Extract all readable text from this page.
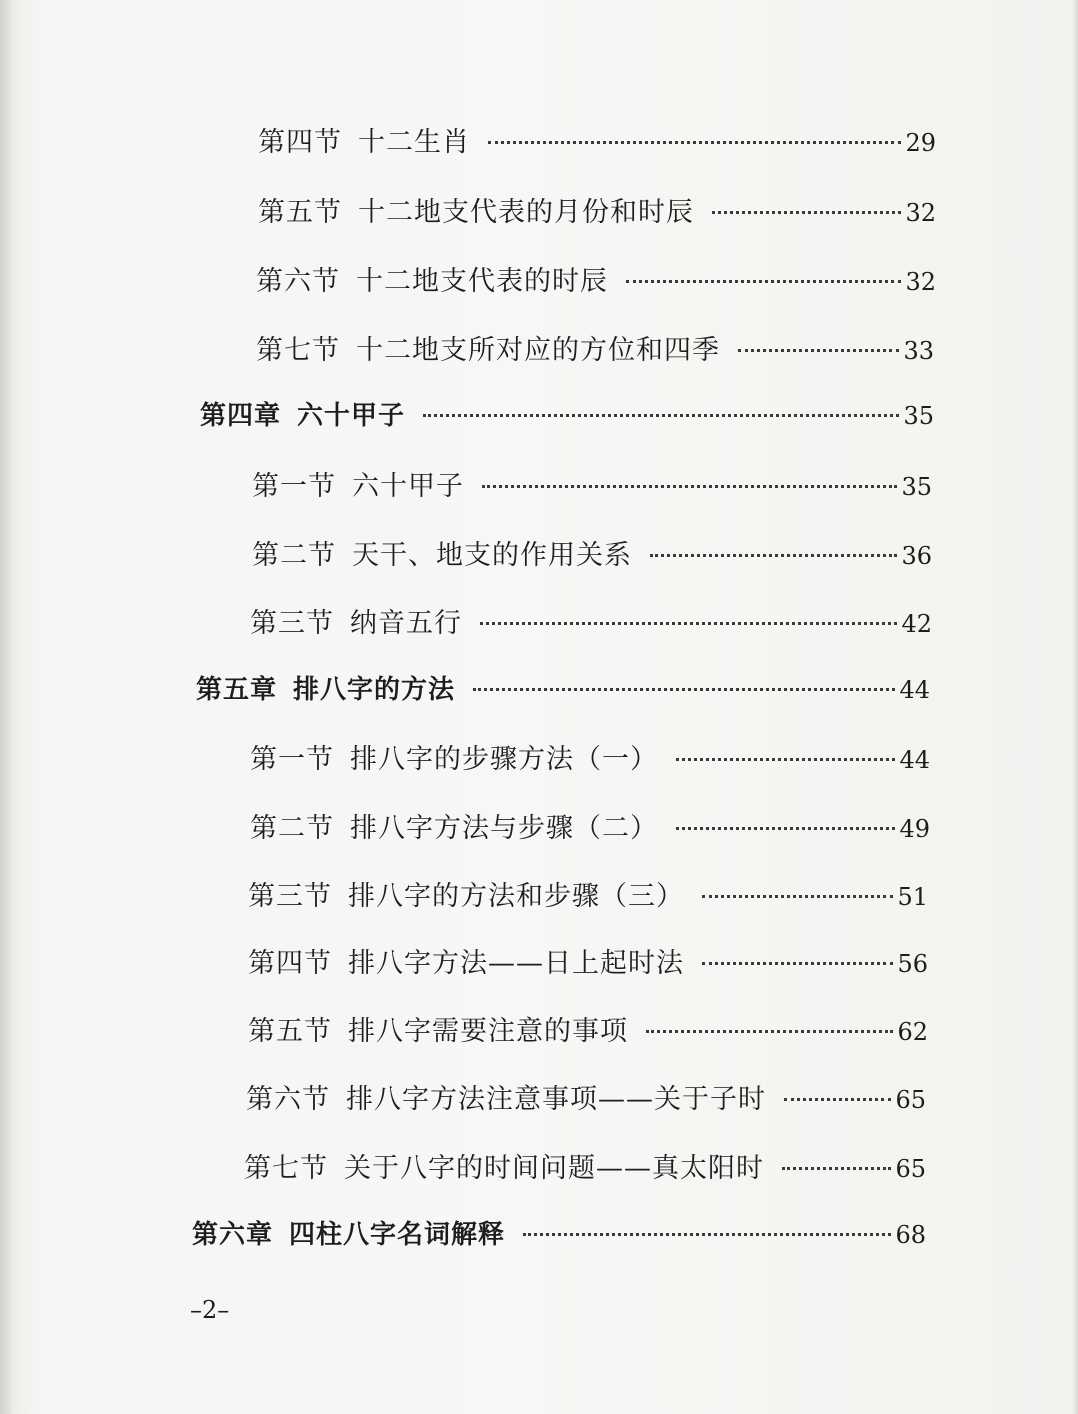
第四节 十二生肖	29
第五节 十二地支代表的月份和时辰	32
第六节 十二地支代表的时辰	32
第七节 十二地支所对应的方位和四季	33
第四章 六十甲子	35
第一节 六十甲子	35
第二节 天干、地支的作用关系	36
第三节 纳音五行	42
第五章 排八字的方法	44
第一节 排八字的步骤方法（一）	44
第二节 排八字方法与步骤（二）	49
第三节 排八字的方法和步骤（三）	51
第四节 排八字方法——日上起时法	56
第五节 排八字需要注意的事项	62
第六节 排八字方法注意事项——关于子时	65
第七节 关于八字的时间问题——真太阳时	65
第六章 四柱八字名词解释	68
–2–
